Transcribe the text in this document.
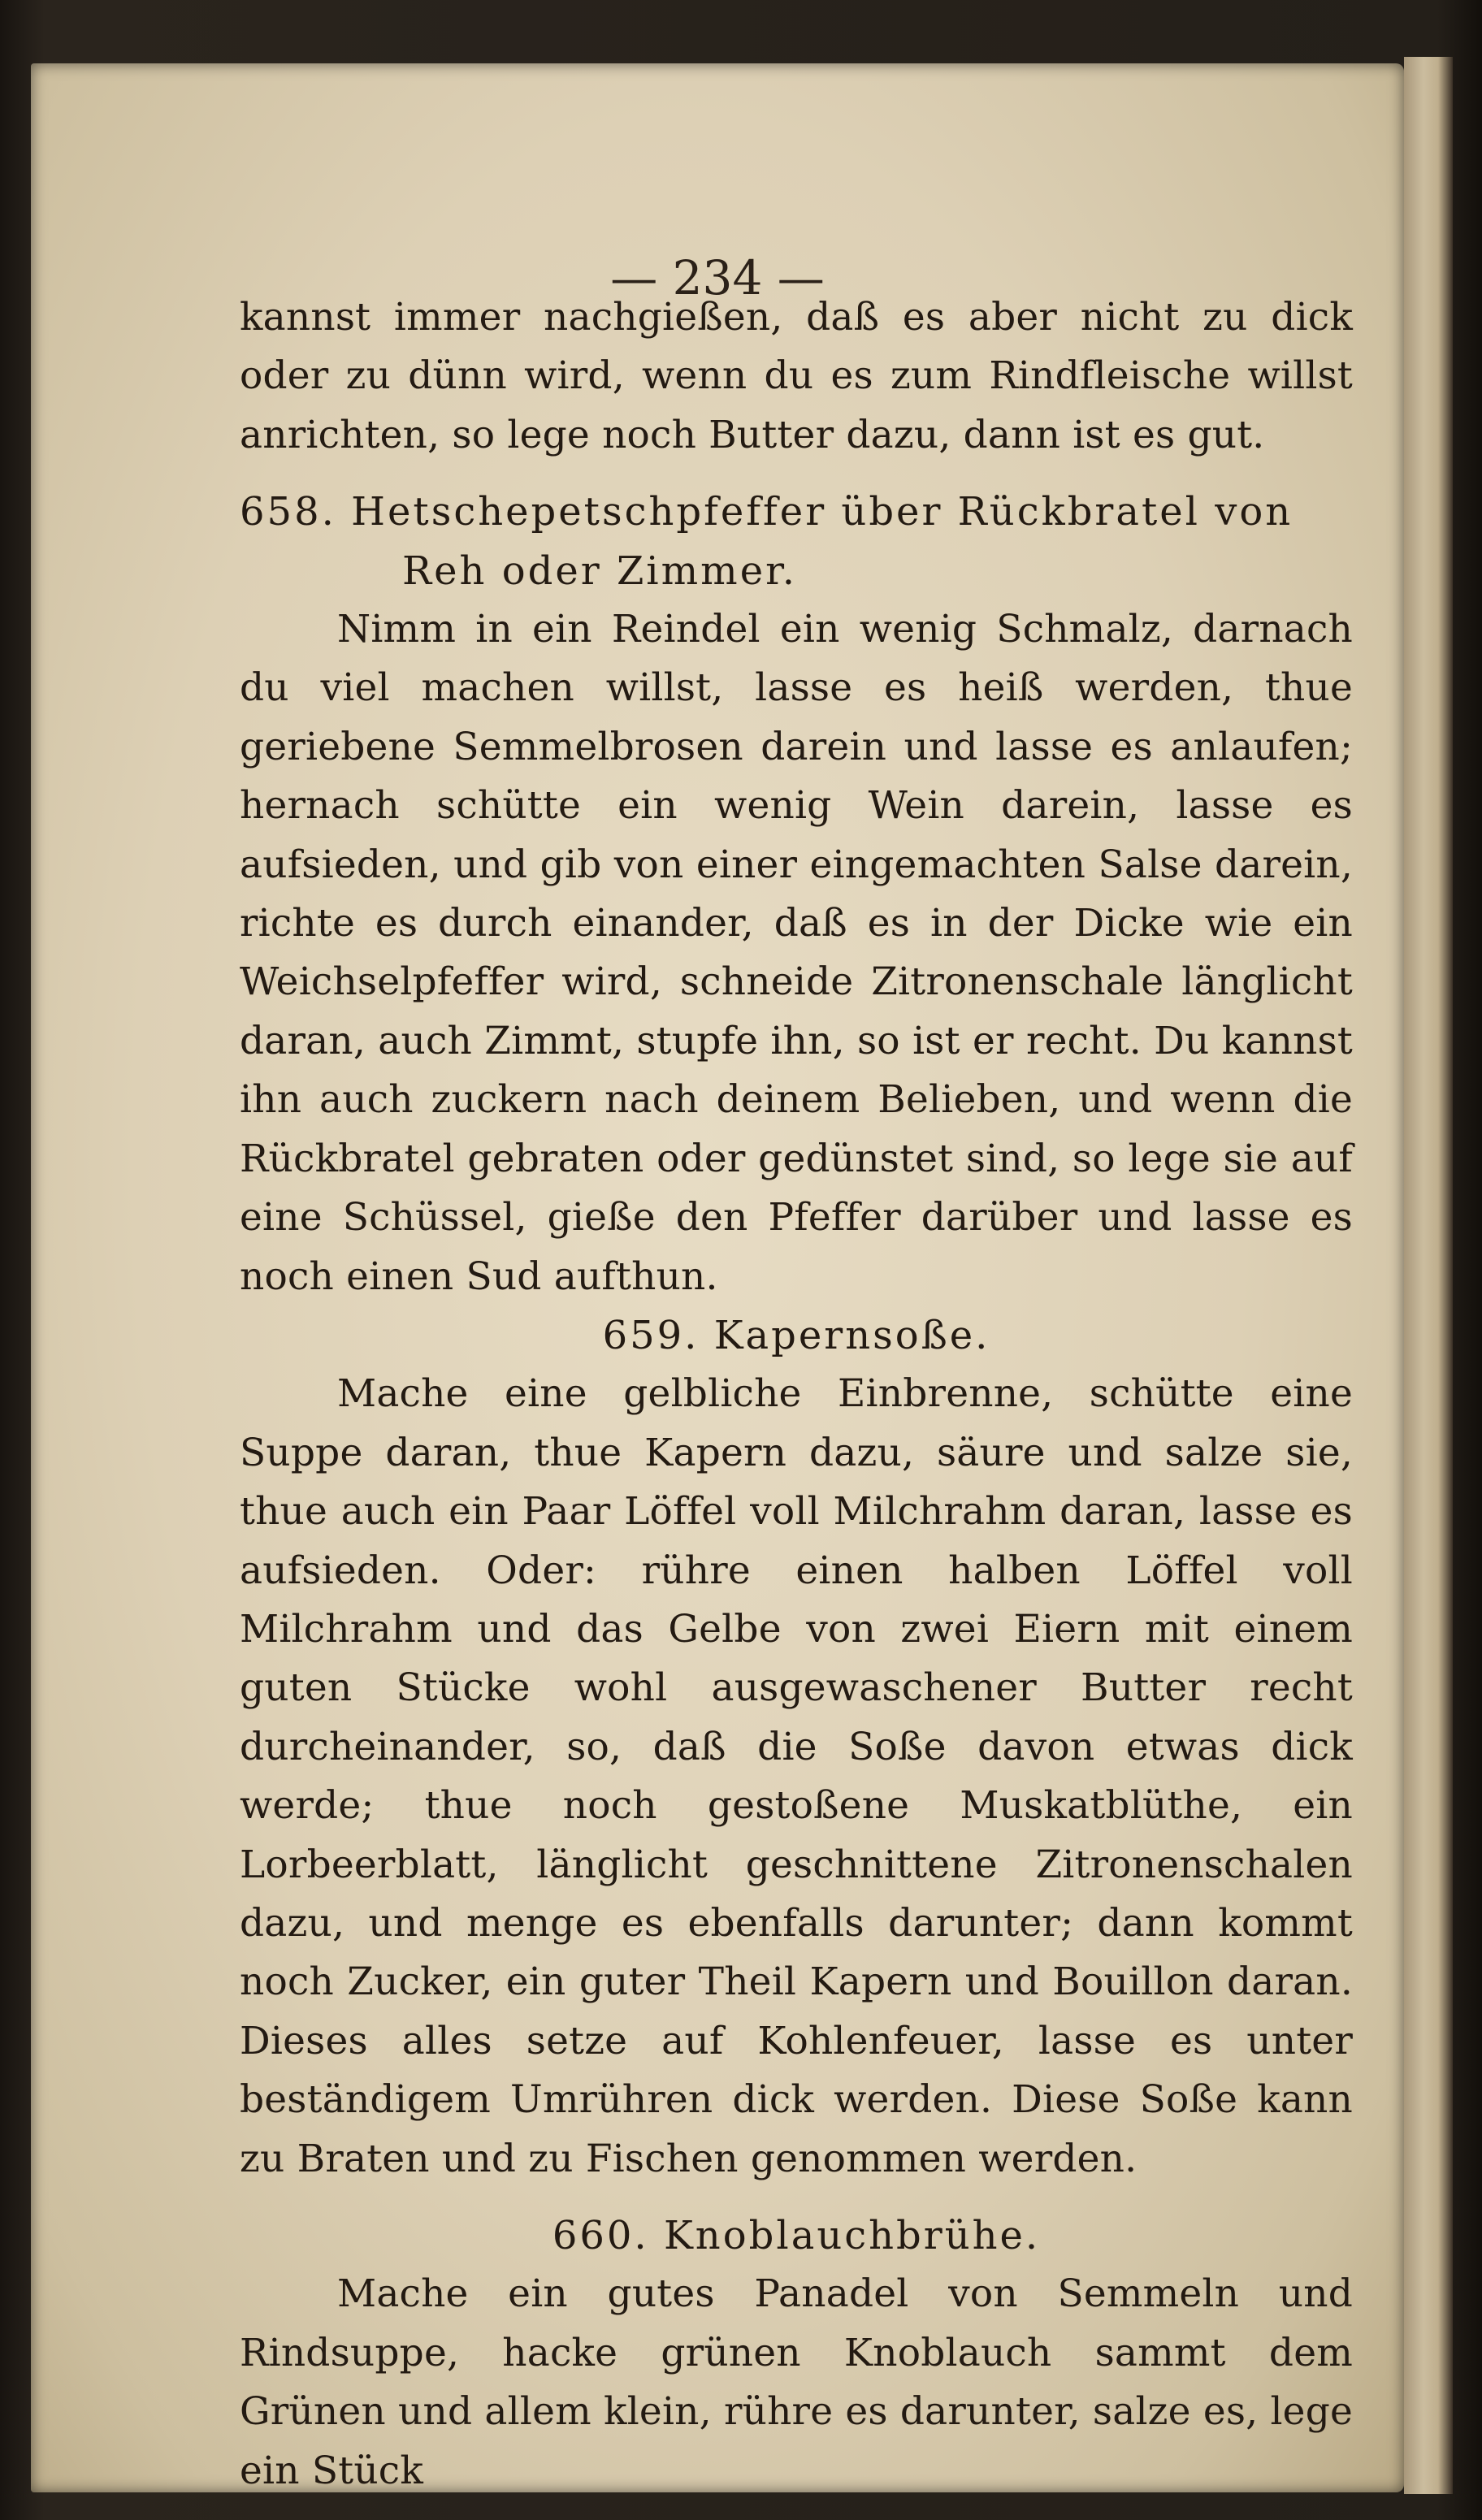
— 234 —

kannst immer nachgießen, daß es aber nicht zu dick oder zu dünn wird, wenn du es zum Rindfleische willst anrichten, so lege noch Butter dazu, dann ist es gut.

658. Hetschepetschpfeffer über Rückbratel von Reh oder Zimmer.

Nimm in ein Reindel ein wenig Schmalz, darnach du viel machen willst, lasse es heiß werden, thue geriebene Semmelbrosen darein und lasse es anlaufen; hernach schütte ein wenig Wein darein, lasse es aufsieden, und gib von einer eingemachten Salse darein, richte es durch einander, daß es in der Dicke wie ein Weichselpfeffer wird, schneide Zitronenschale länglicht daran, auch Zimmt, stupfe ihn, so ist er recht. Du kannst ihn auch zuckern nach deinem Belieben, und wenn die Rückbratel gebraten oder gedünstet sind, so lege sie auf eine Schüssel, gieße den Pfeffer darüber und lasse es noch einen Sud aufthun.

659. Kapernsoße.

Mache eine gelbliche Einbrenne, schütte eine Suppe daran, thue Kapern dazu, säure und salze sie, thue auch ein Paar Löffel voll Milchrahm daran, lasse es aufsieden. Oder: rühre einen halben Löffel voll Milchrahm und das Gelbe von zwei Eiern mit einem guten Stücke wohl ausgewaschener Butter recht durcheinander, so, daß die Soße davon etwas dick werde; thue noch gestoßene Muskatblüthe, ein Lorbeerblatt, länglicht geschnittene Zitronenschalen dazu, und menge es ebenfalls darunter; dann kommt noch Zucker, ein guter Theil Kapern und Bouillon daran. Dieses alles setze auf Kohlenfeuer, lasse es unter beständigem Umrühren dick werden. Diese Soße kann zu Braten und zu Fischen genommen werden.

660. Knoblauchbrühe.

Mache ein gutes Panadel von Semmeln und Rindsuppe, hacke grünen Knoblauch sammt dem Grünen und allem klein, rühre es darunter, salze es, lege ein Stück
